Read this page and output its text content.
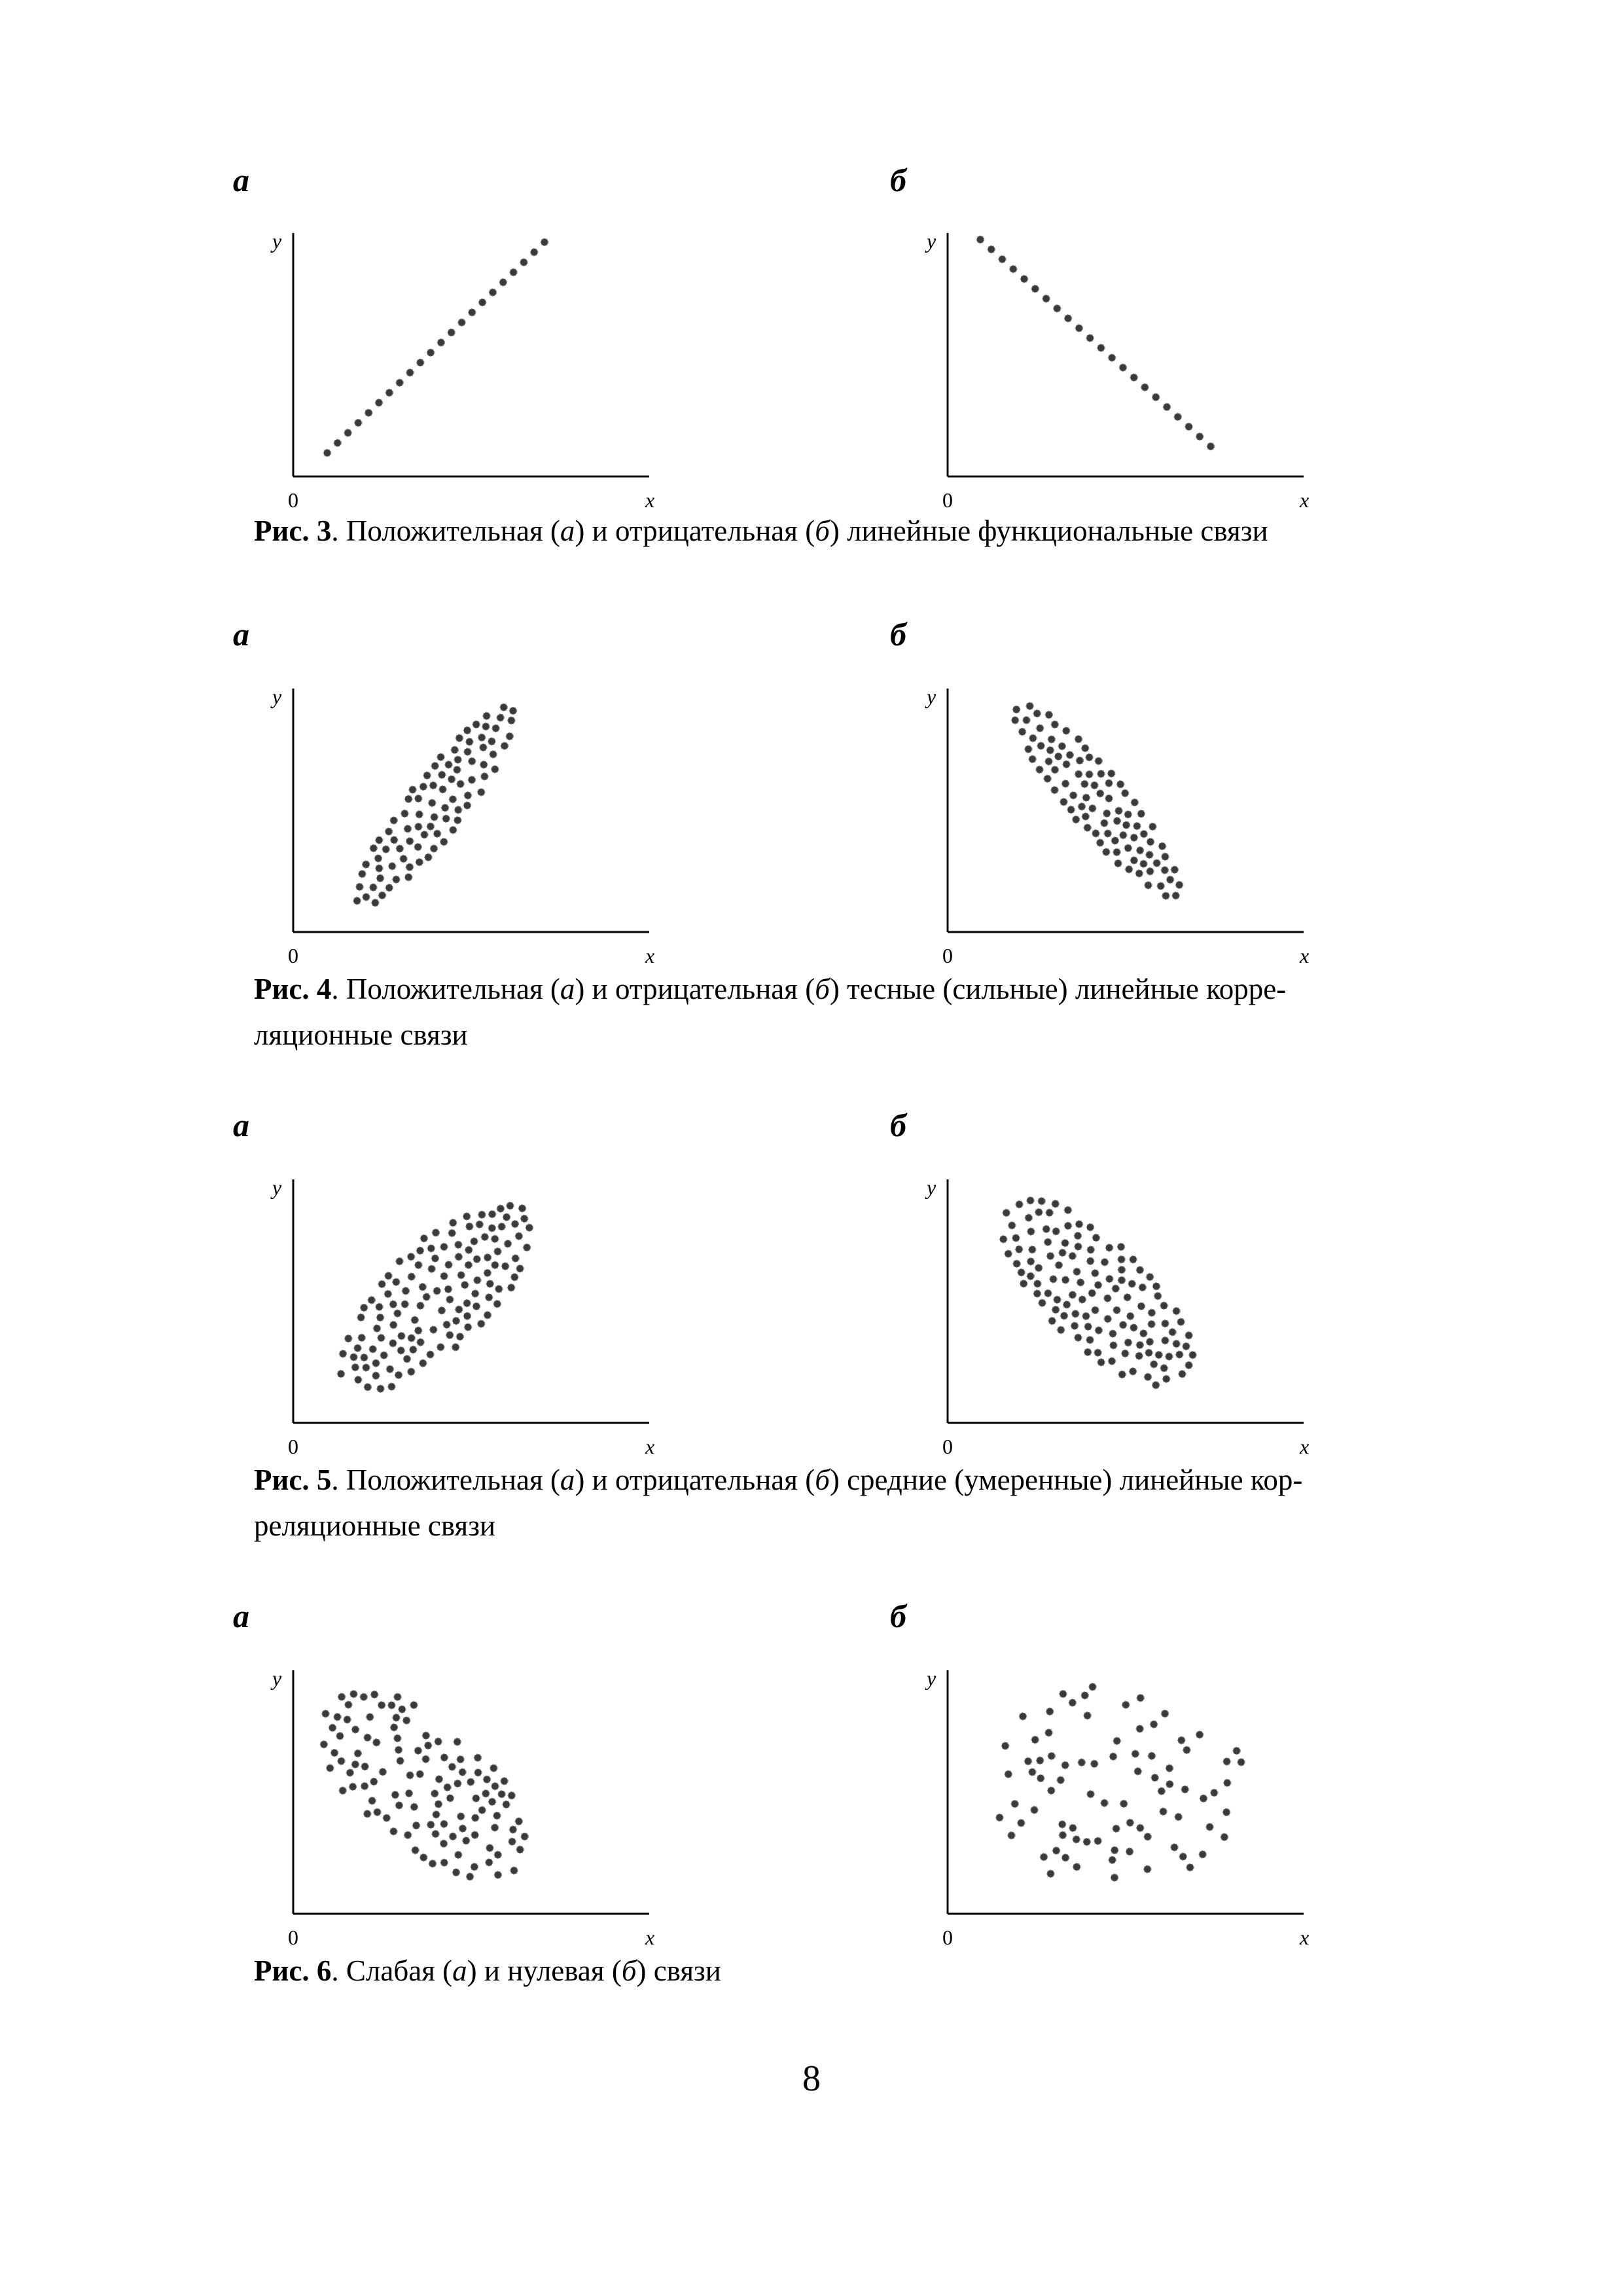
а	б
y
0	x
y
0	x
Рис. 3. Положительная (а) и отрицательная (б) линейные функциональные связи
а	б
y
0	x
y
0	x
Рис. 4. Положительная (а) и отрицательная (б) тесные (сильные) линейные корре-
ляционные связи
а	б
y
0	x
y
0	x
Рис. 5. Положительная (а) и отрицательная (б) средние (умеренные) линейные кор-
реляционные связи
а	б
y
0	x
y
0	x
Рис. 6. Слабая (а) и нулевая (б) связи
8
